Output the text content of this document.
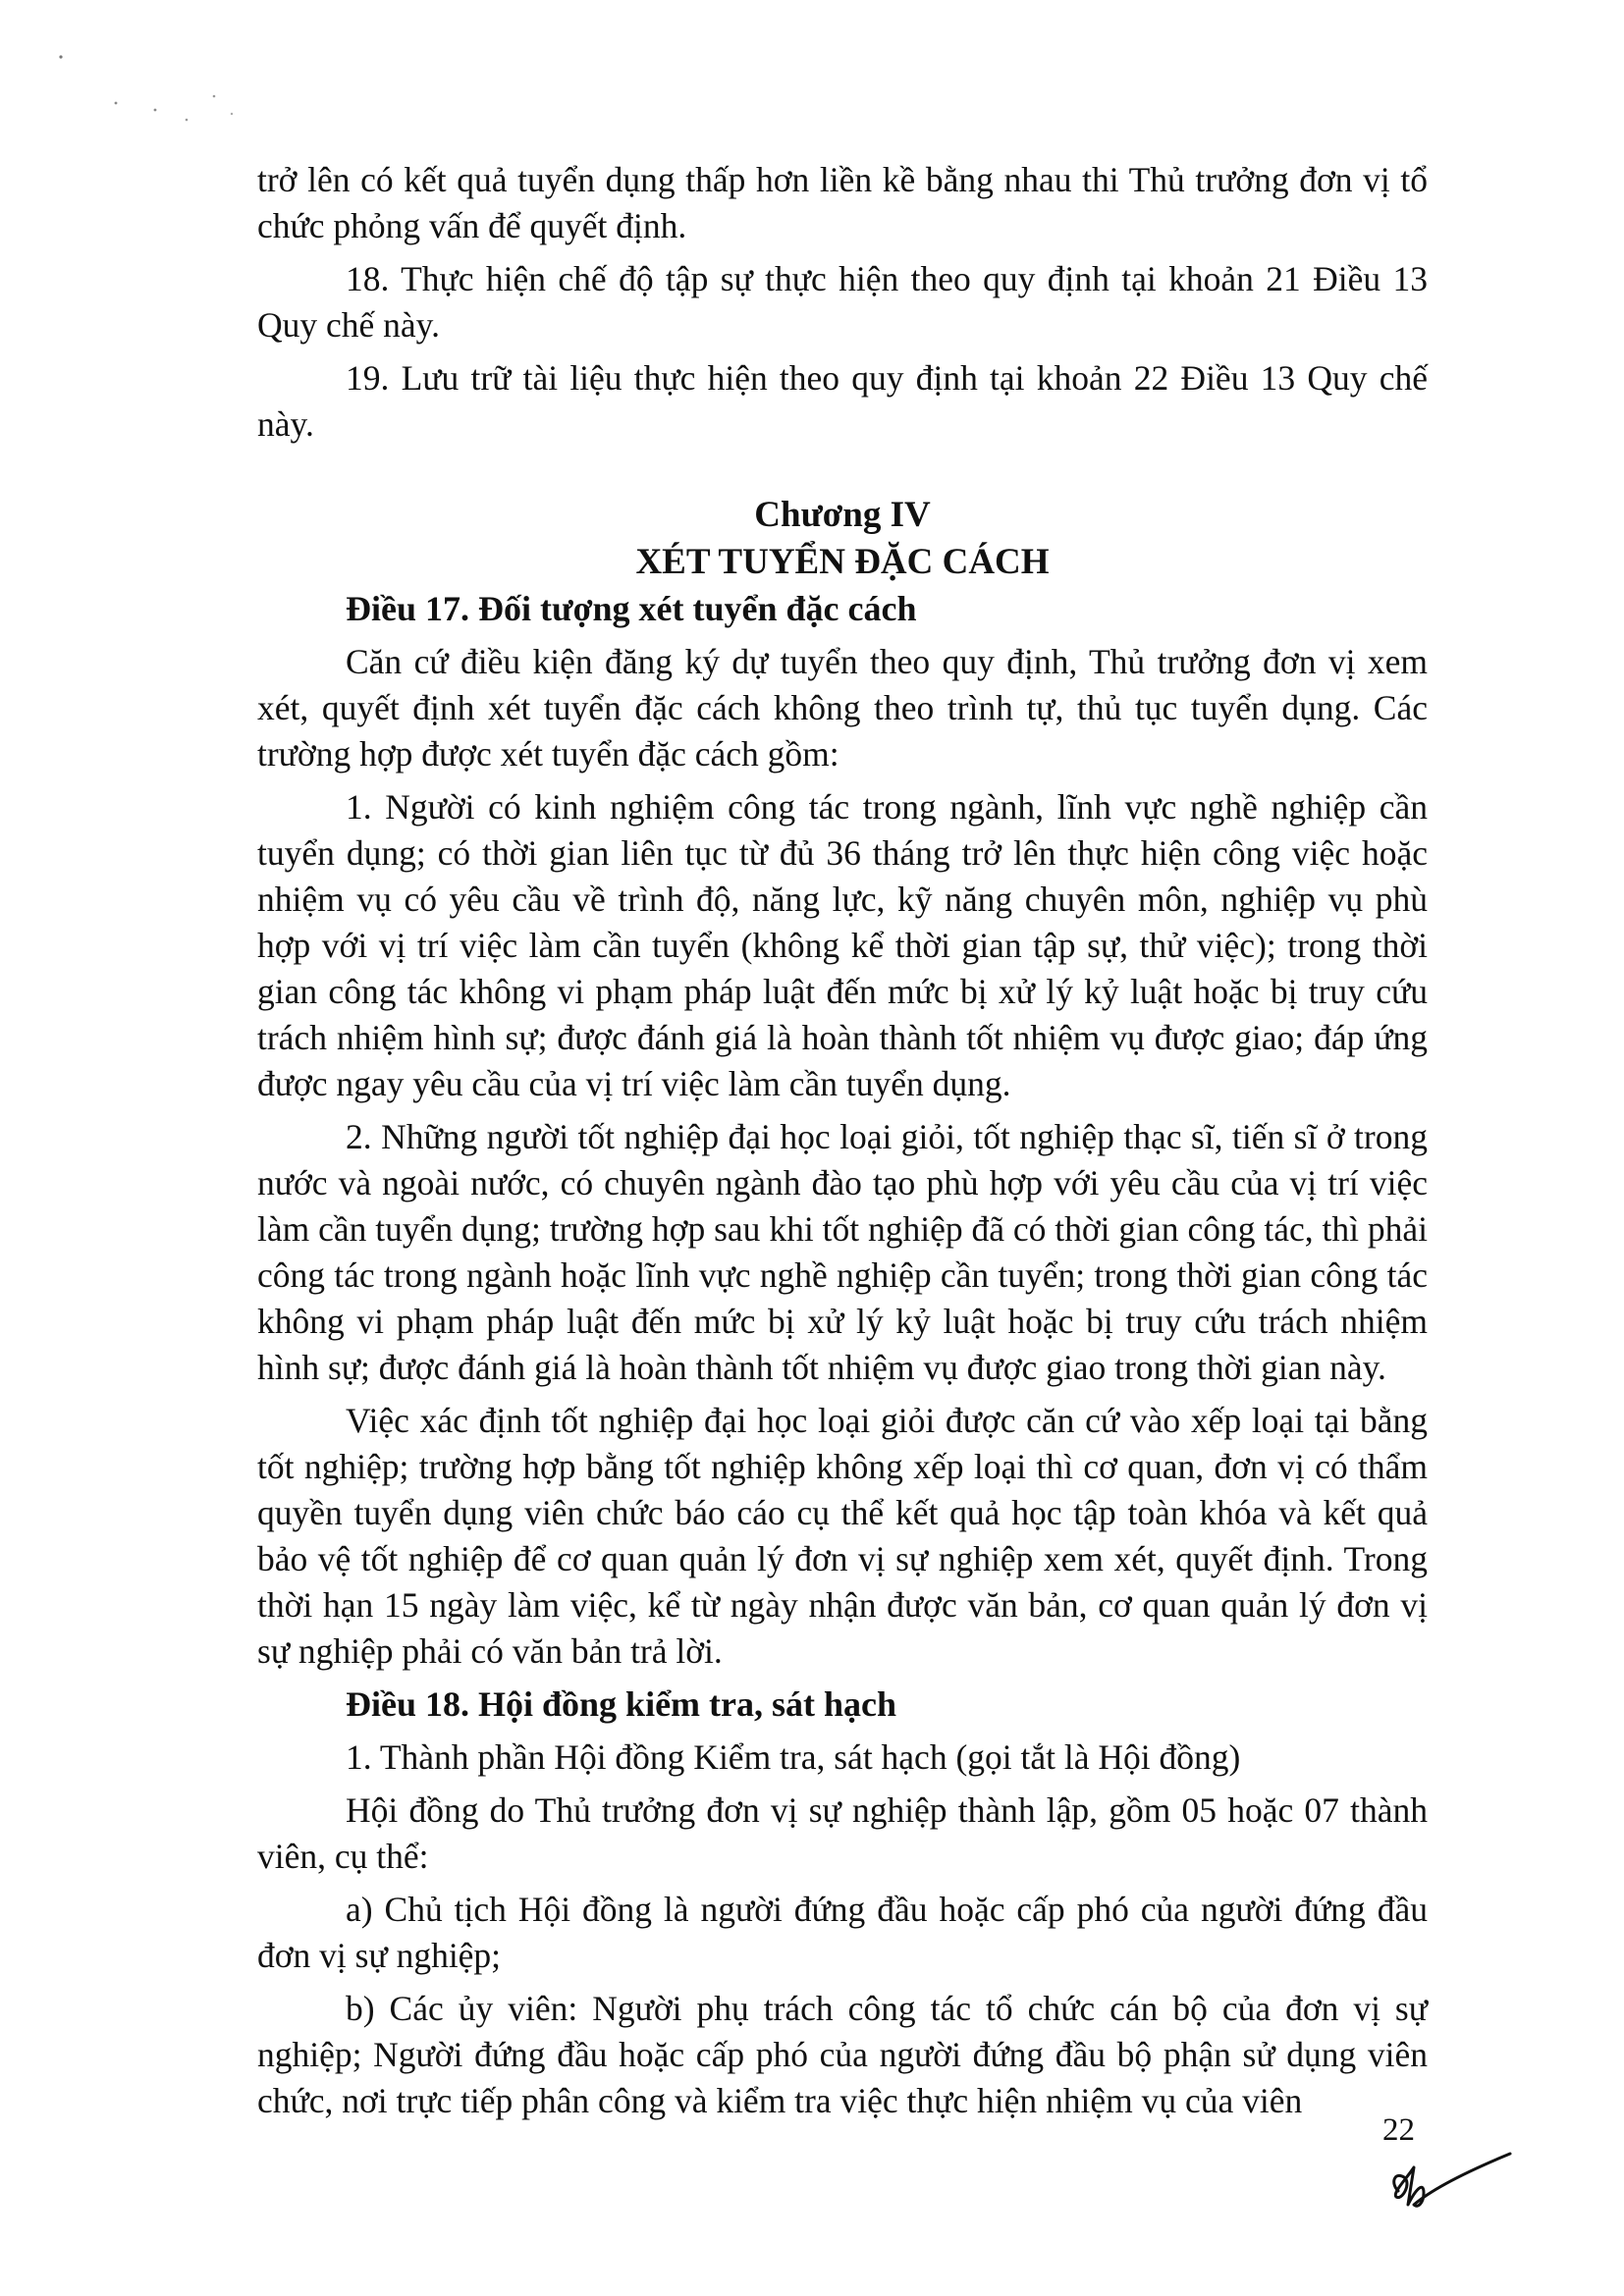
trở lên có kết quả tuyển dụng thấp hơn liền kề bằng nhau thi Thủ trưởng đơn vị tổ chức phỏng vấn để quyết định.

18. Thực hiện chế độ tập sự thực hiện theo quy định tại khoản 21 Điều 13 Quy chế này.

19. Lưu trữ tài liệu thực hiện theo quy định tại khoản 22 Điều 13 Quy chế này.

Chương IV

XÉT TUYỂN ĐẶC CÁCH

Điều 17. Đối tượng xét tuyển đặc cách

Căn cứ điều kiện đăng ký dự tuyển theo quy định, Thủ trưởng đơn vị xem xét, quyết định xét tuyển đặc cách không theo trình tự, thủ tục tuyển dụng. Các trường hợp được xét tuyển đặc cách gồm:

1. Người có kinh nghiệm công tác trong ngành, lĩnh vực nghề nghiệp cần tuyển dụng; có thời gian liên tục từ đủ 36 tháng trở lên thực hiện công việc hoặc nhiệm vụ có yêu cầu về trình độ, năng lực, kỹ năng chuyên môn, nghiệp vụ phù hợp với vị trí việc làm cần tuyển (không kể thời gian tập sự, thử việc); trong thời gian công tác không vi phạm pháp luật đến mức bị xử lý kỷ luật hoặc bị truy cứu trách nhiệm hình sự; được đánh giá là hoàn thành tốt nhiệm vụ được giao; đáp ứng được ngay yêu cầu của vị trí việc làm cần tuyển dụng.

2. Những người tốt nghiệp đại học loại giỏi, tốt nghiệp thạc sĩ, tiến sĩ ở trong nước và ngoài nước, có chuyên ngành đào tạo phù hợp với yêu cầu của vị trí việc làm cần tuyển dụng; trường hợp sau khi tốt nghiệp đã có thời gian công tác, thì phải công tác trong ngành hoặc lĩnh vực nghề nghiệp cần tuyển; trong thời gian công tác không vi phạm pháp luật đến mức bị xử lý kỷ luật hoặc bị truy cứu trách nhiệm hình sự; được đánh giá là hoàn thành tốt nhiệm vụ được giao trong thời gian này.

Việc xác định tốt nghiệp đại học loại giỏi được căn cứ vào xếp loại tại bằng tốt nghiệp; trường hợp bằng tốt nghiệp không xếp loại thì cơ quan, đơn vị có thẩm quyền tuyển dụng viên chức báo cáo cụ thể kết quả học tập toàn khóa và kết quả bảo vệ tốt nghiệp để cơ quan quản lý đơn vị sự nghiệp xem xét, quyết định. Trong thời hạn 15 ngày làm việc, kể từ ngày nhận được văn bản, cơ quan quản lý đơn vị sự nghiệp phải có văn bản trả lời.

Điều 18. Hội đồng kiểm tra, sát hạch

1. Thành phần Hội đồng Kiểm tra, sát hạch (gọi tắt là Hội đồng)

Hội đồng do Thủ trưởng đơn vị sự nghiệp thành lập, gồm 05 hoặc 07 thành viên, cụ thể:

a) Chủ tịch Hội đồng là người đứng đầu hoặc cấp phó của người đứng đầu đơn vị sự nghiệp;

b) Các ủy viên: Người phụ trách công tác tổ chức cán bộ của đơn vị sự nghiệp; Người đứng đầu hoặc cấp phó của người đứng đầu bộ phận sử dụng viên chức, nơi trực tiếp phân công và kiểm tra việc thực hiện nhiệm vụ của viên

22
